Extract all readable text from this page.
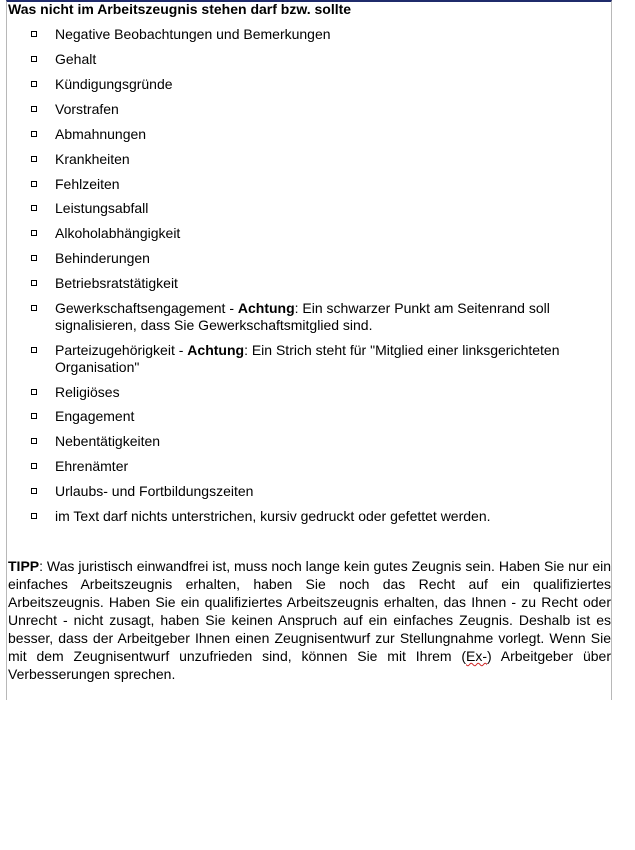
Was nicht im Arbeitszeugnis stehen darf bzw. sollte
Negative Beobachtungen und Bemerkungen
Gehalt
Kündigungsgründe
Vorstrafen
Abmahnungen
Krankheiten
Fehlzeiten
Leistungsabfall
Alkoholabhängigkeit
Behinderungen
Betriebsratstätigkeit
Gewerkschaftsengagement - Achtung: Ein schwarzer Punkt am Seitenrand soll signalisieren, dass Sie Gewerkschaftsmitglied sind.
Parteizugehörigkeit - Achtung: Ein Strich steht für "Mitglied einer linksgerichteten Organisation"
Religiöses
Engagement
Nebentätigkeiten
Ehrenämter
Urlaubs- und Fortbildungszeiten
im Text darf nichts unterstrichen, kursiv gedruckt oder gefettet werden.
TIPP: Was juristisch einwandfrei ist, muss noch lange kein gutes Zeugnis sein. Haben Sie nur ein einfaches Arbeitszeugnis erhalten, haben Sie noch das Recht auf ein qualifiziertes Arbeitszeugnis. Haben Sie ein qualifiziertes Arbeitszeugnis erhalten, das Ihnen - zu Recht oder Unrecht - nicht zusagt, haben Sie keinen Anspruch auf ein einfaches Zeugnis. Deshalb ist es besser, dass der Arbeitgeber Ihnen einen Zeugnisentwurf zur Stellungnahme vorlegt. Wenn Sie mit dem Zeugnisentwurf unzufrieden sind, können Sie mit Ihrem (Ex-) Arbeitgeber über Verbesserungen sprechen.
